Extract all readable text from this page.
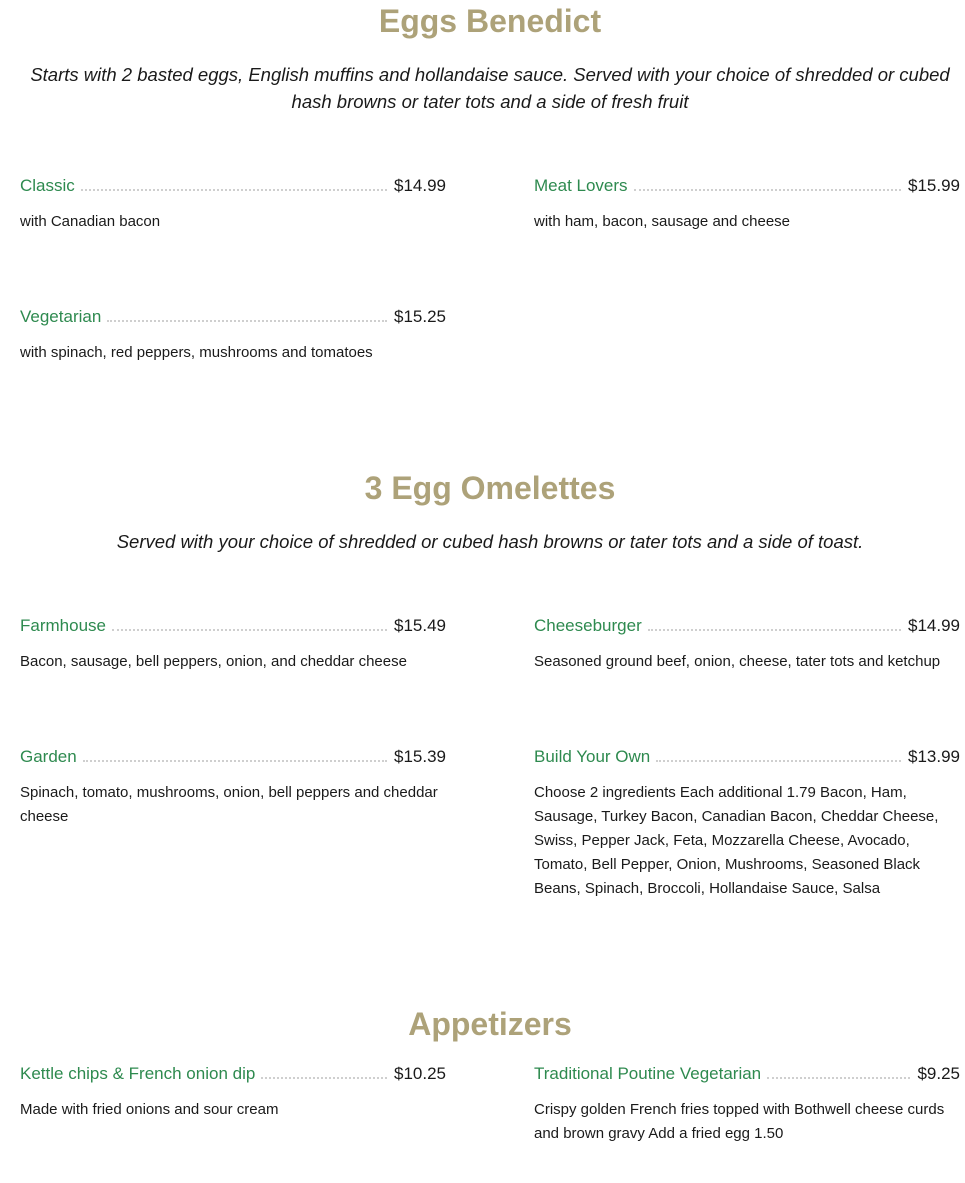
Eggs Benedict

Starts with 2 basted eggs, English muffins and hollandaise sauce. Served with your choice of shredded or cubed hash browns or tater tots and a side of fresh fruit

Classic	$14.99
with Canadian bacon
Meat Lovers	$15.99
with ham, bacon, sausage and cheese
Vegetarian	$15.25
with spinach, red peppers, mushrooms and tomatoes
3 Egg Omelettes

Served with your choice of shredded or cubed hash browns or tater tots and a side of toast.

Farmhouse	$15.49
Bacon, sausage, bell peppers, onion, and cheddar cheese
Cheeseburger	$14.99
Seasoned ground beef, onion, cheese, tater tots and ketchup
Garden	$15.39
Spinach, tomato, mushrooms, onion, bell peppers and cheddar cheese
Build Your Own	$13.99
Choose 2 ingredients Each additional 1.79 Bacon, Ham, Sausage, Turkey Bacon, Canadian Bacon, Cheddar Cheese, Swiss, Pepper Jack, Feta, Mozzarella Cheese, Avocado, Tomato, Bell Pepper, Onion, Mushrooms, Seasoned Black Beans, Spinach, Broccoli, Hollandaise Sauce, Salsa
Appetizers
Kettle chips & French onion dip	$10.25
Made with fried onions and sour cream
Traditional Poutine Vegetarian	$9.25
Crispy golden French fries topped with Bothwell cheese curds and brown gravy Add a fried egg 1.50
